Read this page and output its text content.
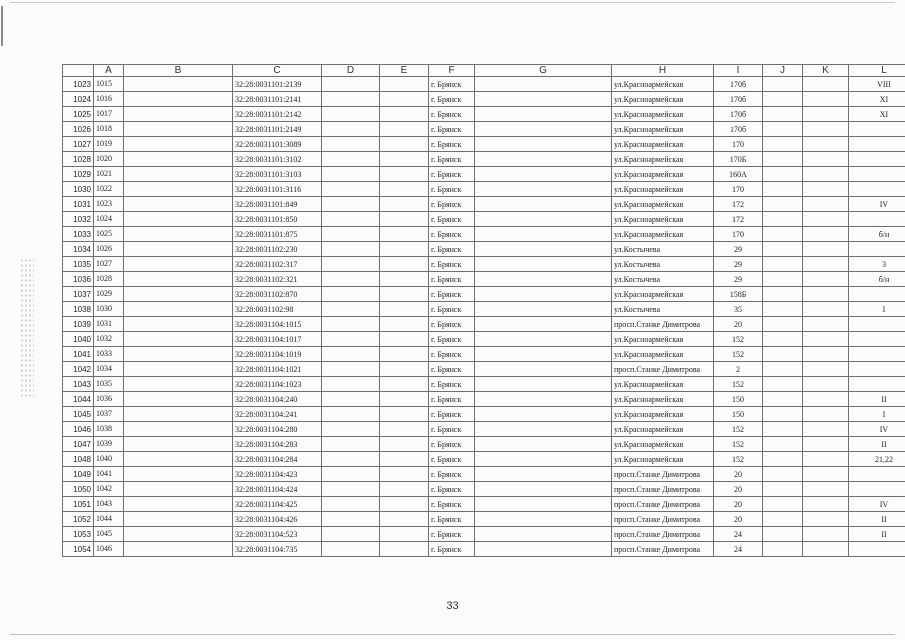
	A	B	C	D	E	F	G	H	I	J	K	L
1023	1015		32:28:0031101:2139			г. Брянск		ул.Красноармейская	170б			VIII
1024	1016		32:28:0031101:2141			г. Брянск		ул.Красноармейская	170б			XI
1025	1017		32:28:0031101:2142			г. Брянск		ул.Красноармейская	170б			XI
1026	1018		32:28:0031101:2149			г. Брянск		ул.Красноармейская	170б			
1027	1019		32:28:0031101:3089			г. Брянск		ул.Красноармейская	170			
1028	1020		32:28:0031101:3102			г. Брянск		ул.Красноармейская	170Б			
1029	1021		32:28:0031101:3103			г. Брянск		ул.Красноармейская	160А			
1030	1022		32:28:0031101:3116			г. Брянск		ул.Красноармейская	170			
1031	1023		32:28:0031101:849			г. Брянск		ул.Красноармейская	172			IV
1032	1024		32:28:0031101:850			г. Брянск		ул.Красноармейская	172			
1033	1025		32:28:0031101:875			г. Брянск		ул.Красноармейская	170			б/н
1034	1026		32:28:0031102:230			г. Брянск		ул.Костычева	29			
1035	1027		32:28:0031102:317			г. Брянск		ул.Костычева	29			3
1036	1028		32:28:0031102:321			г. Брянск		ул.Костычева	29			б/н
1037	1029		32:28:0031102:870			г. Брянск		ул.Красноармейская	158Б			
1038	1030		32:28:0031102:98			г. Брянск		ул.Костычева	35			I
1039	1031		32:28:0031104:1015			г. Брянск		просп.Станке Димитрова	20			
1040	1032		32:28:0031104:1017			г. Брянск		ул.Красноармейская	152			
1041	1033		32:28:0031104:1019			г. Брянск		ул.Красноармейская	152			
1042	1034		32:28:0031104:1021			г. Брянск		просп.Станке Димитрова	2			
1043	1035		32:28:0031104:1023			г. Брянск		ул.Красноармейская	152			
1044	1036		32:28:0031104:240			г. Брянск		ул.Красноармейская	150			II
1045	1037		32:28:0031104:241			г. Брянск		ул.Красноармейская	150			I
1046	1038		32:28:0031104:280			г. Брянск		ул.Красноармейская	152			IV
1047	1039		32:28:0031104:283			г. Брянск		ул.Красноармейская	152			II
1048	1040		32:28:0031104:284			г. Брянск		ул.Красноармейская	152			21,22
1049	1041		32:28:0031104:423			г. Брянск		просп.Станке Димитрова	20			
1050	1042		32:28:0031104:424			г. Брянск		просп.Станке Димитрова	20			
1051	1043		32:28:0031104:425			г. Брянск		просп.Станке Димитрова	20			IV
1052	1044		32:28:0031104:426			г. Брянск		просп.Станке Димитрова	20			II
1053	1045		32:28:0031104:523			г. Брянск		просп.Станке Димитрова	24			II
1054	1046		32:28:0031104:735			г. Брянск		просп.Станке Димитрова	24			
33
